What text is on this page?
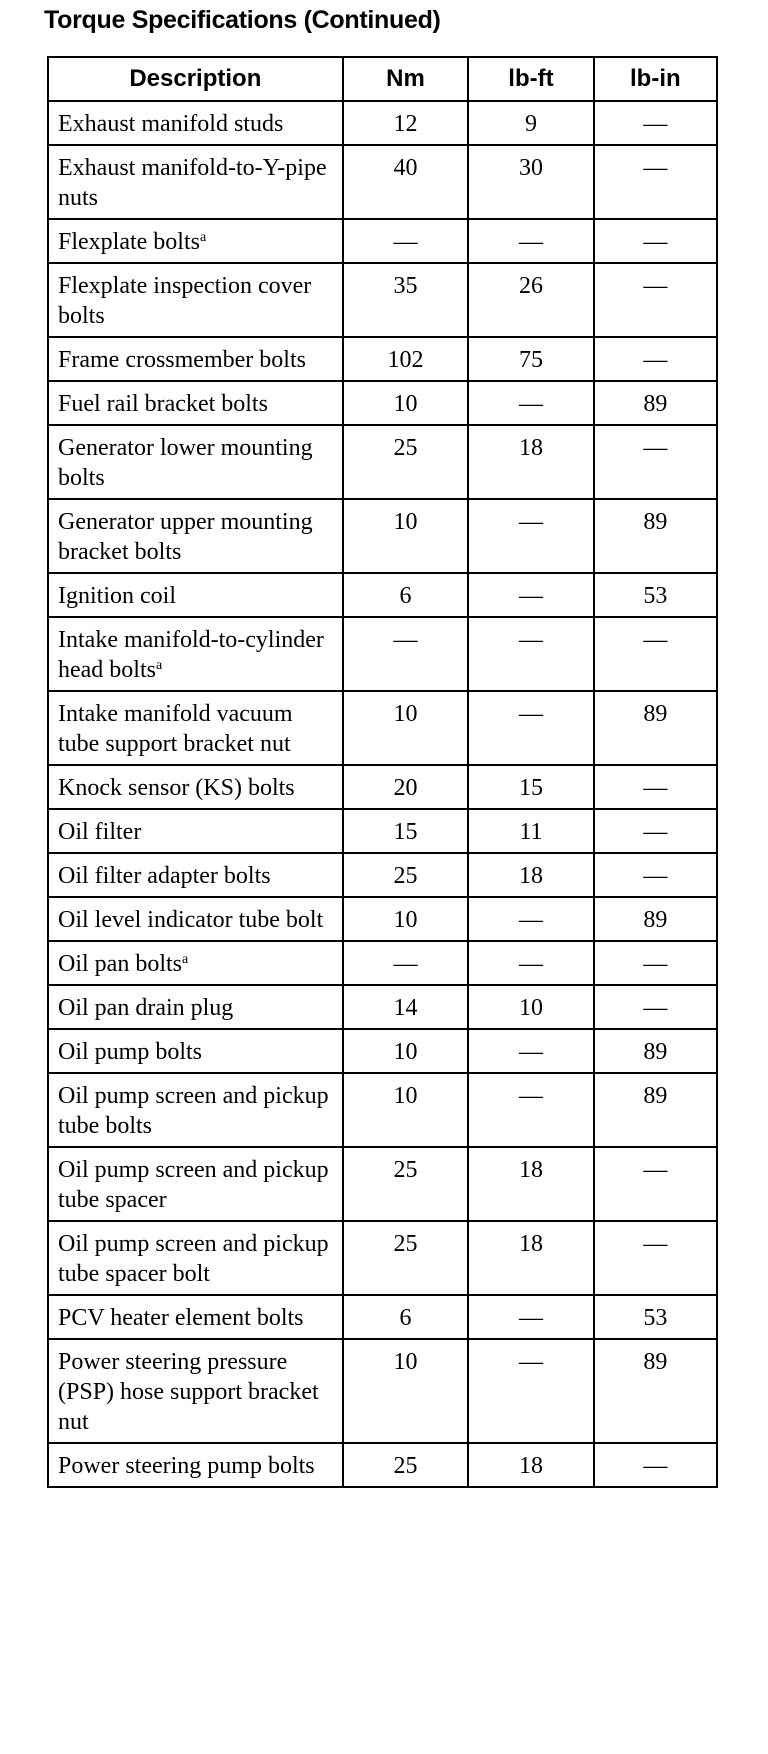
Torque Specifications (Continued)
Description	Nm	lb-ft	lb-in
Exhaust manifold studs	12	9	—
Exhaust manifold-to-Y-pipe nuts	40	30	—
Flexplate bolts$^a$	—	—	—
Flexplate inspection cover bolts	35	26	—
Frame crossmember bolts	102	75	—
Fuel rail bracket bolts	10	—	89
Generator lower mounting bolts	25	18	—
Generator upper mounting bracket bolts	10	—	89
Ignition coil	6	—	53
Intake manifold-to-cylinder head bolts$^a$	—	—	—
Intake manifold vacuum tube support bracket nut	10	—	89
Knock sensor (KS) bolts	20	15	—
Oil filter	15	11	—
Oil filter adapter bolts	25	18	—
Oil level indicator tube bolt	10	—	89
Oil pan bolts$^a$	—	—	—
Oil pan drain plug	14	10	—
Oil pump bolts	10	—	89
Oil pump screen and pickup tube bolts	10	—	89
Oil pump screen and pickup tube spacer	25	18	—
Oil pump screen and pickup tube spacer bolt	25	18	—
PCV heater element bolts	6	—	53
Power steering pressure (PSP) hose support bracket nut	10	—	89
Power steering pump bolts	25	18	—
